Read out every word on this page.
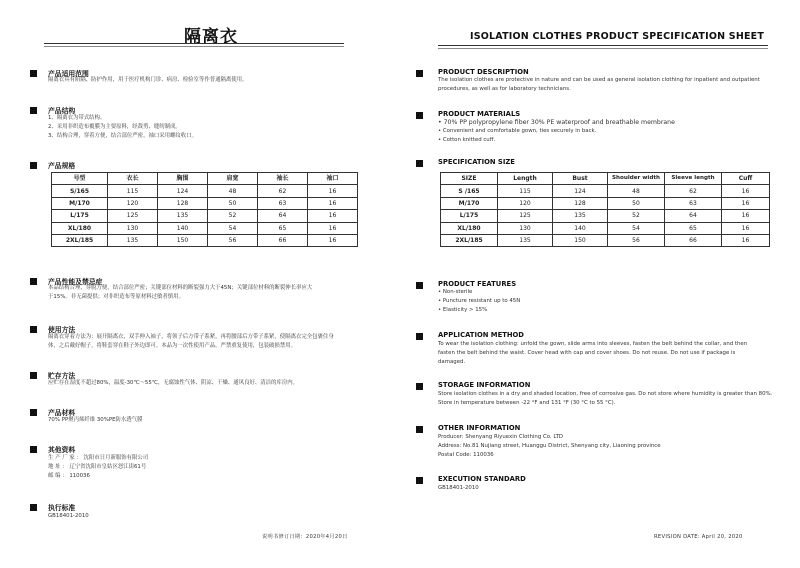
隔离衣
产品适用范围
隔离衣具有阻隔、防护作用，用于医疗机构门诊、病房、检验室等作普通隔离使用。
产品结构
1、隔离衣为带式结构。
2、采用非织造布覆膜为主要原料，经裁剪、缝纫制成。
3、结构合理，穿着方便，结合部位严密，袖口采用螺纹收口。
产品规格
号型	衣长	胸围	肩宽	袖长	袖口
S/165	115	124	48	62	16
M/170	120	128	50	63	16
L/175	125	135	52	64	16
XL/180	130	140	54	65	16
2XL/185	135	150	56	66	16
产品性能及禁忌症
本品结构合理，穿脱方便，结合部位严密；关键部位材料的断裂强力大于45N；关键部位材料的断裂伸长率应大
于15%。非无菌提供；对非织造布等原材料过敏者慎用。
使用方法
隔离衣穿着方法为：展开隔离衣，双手伸入袖子，将领子后方带子系紧，再将腰部后方带子系紧，使隔离衣完全包裹住身
体，之后戴好帽子，将鞋套穿在鞋子外边即可。本品为一次性使用产品，严禁重复使用，包装破损禁用。
贮存方法
应贮存在湿度不超过80%，温度-30℃～55℃，无腐蚀性气体、阴凉、干燥、通风良好、清洁的库房内。
产品材料
70% PP聚丙烯纤维 30%PE防水透气膜
其他资料
生 产 厂 家 ： 沈阳市日月新服饰有限公司
地 址 ： 辽宁省沈阳市皇姑区怒江街61号
邮 编 ： 110036
执行标准
GB18401-2010
说明书修订日期：2020年4月20日
ISOLATION CLOTHES PRODUCT SPECIFICATION SHEET
PRODUCT DESCRIPTION
The isolation clothes are protective in nature and can be used as general isolation clothing for inpatient and outpatient
procedures, as well as for laboratory technicians.
PRODUCT MATERIALS
• 70% PP polypropylene fiber 30% PE waterproof and breathable membrane
• Convenient and comfortable gown, ties securely in back.
• Cotton knitted cuff.
SPECIFICATION SIZE
SIZE	Length	Bust	Shoulder width	Sleeve length	Cuff
S /165	115	124	48	62	16
M/170	120	128	50	63	16
L/175	125	135	52	64	16
XL/180	130	140	54	65	16
2XL/185	135	150	56	66	16
PRODUCT FEATURES
• Non-sterile
• Puncture resistant up to 45N
• Elasticity > 15%
APPLICATION METHOD
To wear the isolation clothing: unfold the gown, slide arms into sleeves, fasten the belt behind the collar, and then
fasten the belt behind the waist. Cover head with cap and cover shoes. Do not reuse. Do not use if package is
damaged.
STORAGE INFORMATION
Store isolation clothes in a dry and shaded location, free of corrosive gas. Do not store where humidity is greater than 80%.
Store in temperature between -22 °F and 131 °F (30 °C to 55 °C).
OTHER INFORMATION
Producer: Shenyang Riyuexin Clothing Co. LTD
Address: No.81 Nujiang street, Huanggu District, Shenyang city, Liaoning province
Postal Code: 110036
EXECUTION STANDARD
GB18401-2010
REVISION DATE: April 20, 2020
